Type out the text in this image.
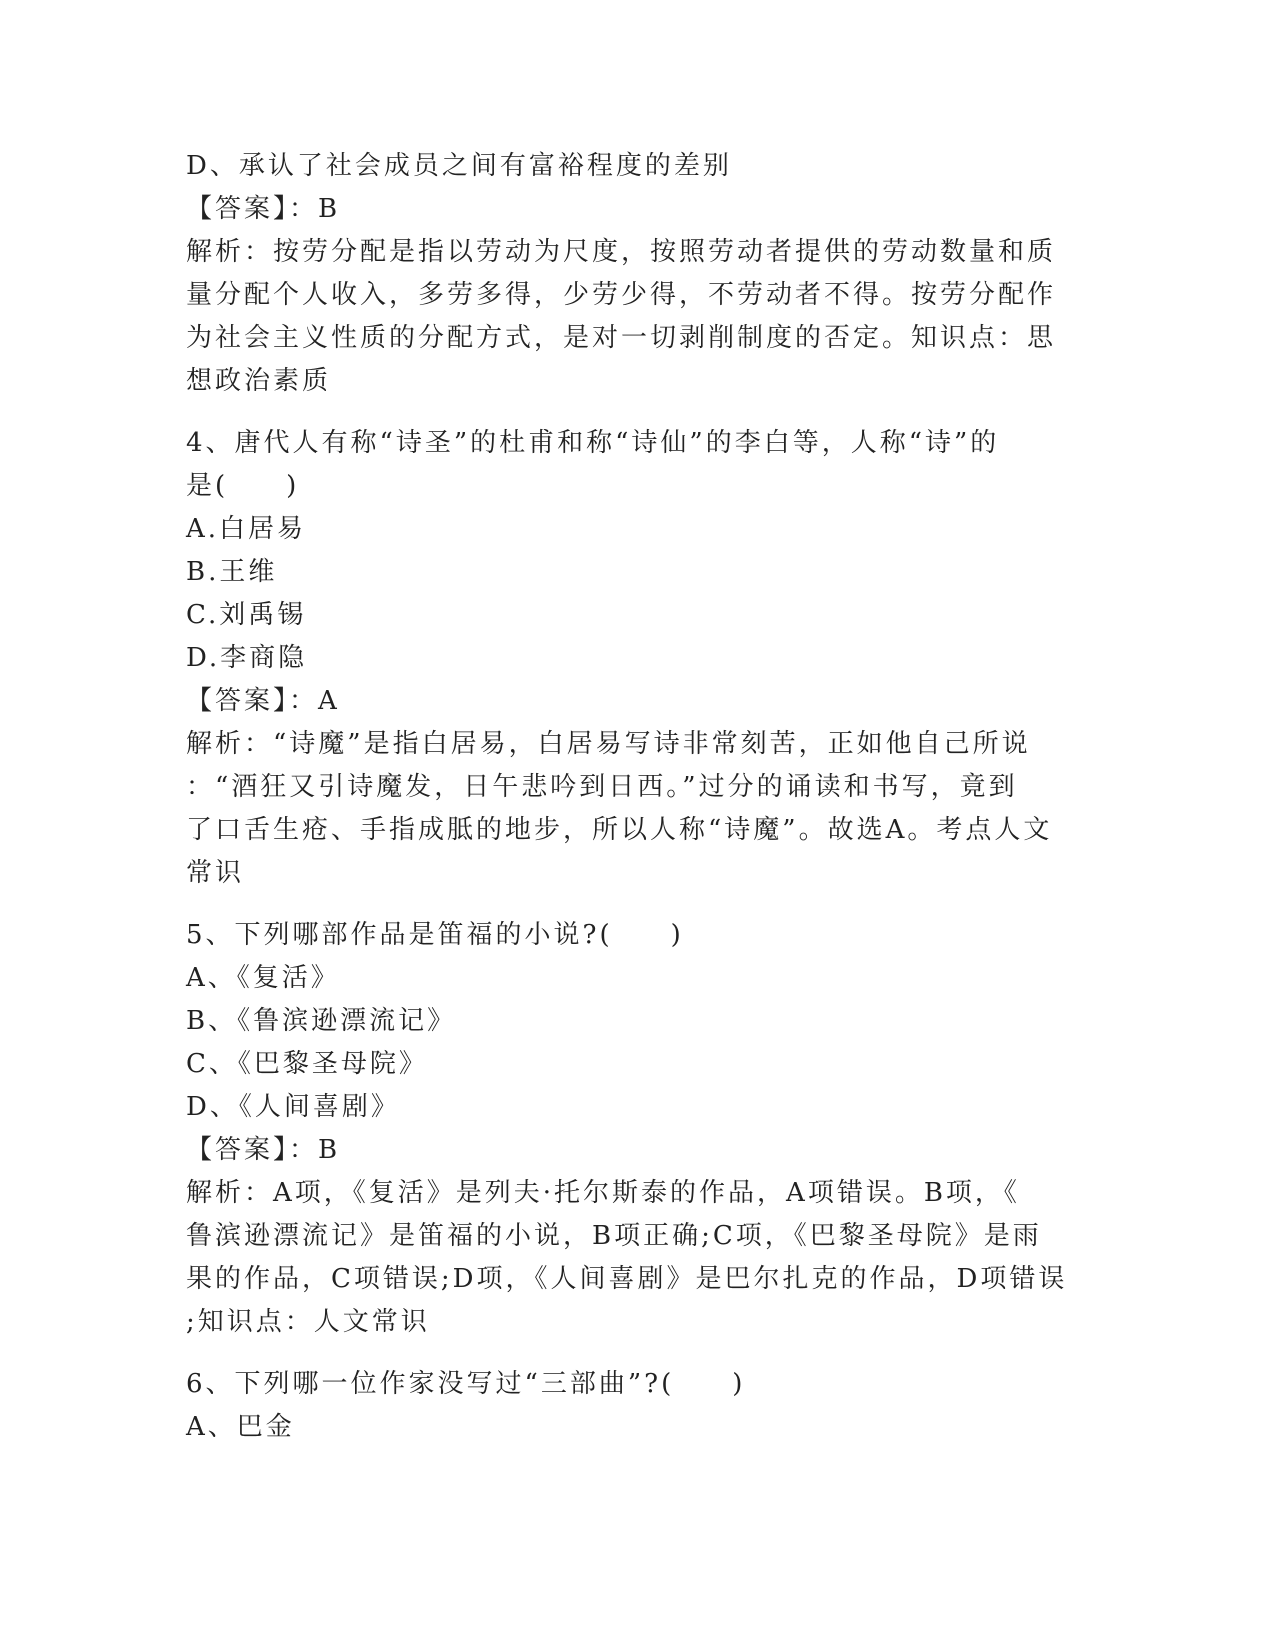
D、承认了社会成员之间有富裕程度的差别
【答案】：B
解析：按劳分配是指以劳动为尺度，按照劳动者提供的劳动数量和质
量分配个人收入，多劳多得，少劳少得，不劳动者不得。按劳分配作
为社会主义性质的分配方式，是对一切剥削制度的否定。知识点：思
想政治素质
4、唐代人有称“诗圣”的杜甫和称“诗仙”的李白等，人称“诗”的
是(　　)
A.白居易
B.王维
C.刘禹锡
D.李商隐
【答案】：A
解析：“诗魔”是指白居易，白居易写诗非常刻苦，正如他自己所说
：“酒狂又引诗魔发，日午悲吟到日西。”过分的诵读和书写，竟到
了口舌生疮、手指成胝的地步，所以人称“诗魔”。故选A。考点人文
常识
5、下列哪部作品是笛福的小说?(　　)
A、《复活》
B、《鲁滨逊漂流记》
C、《巴黎圣母院》
D、《人间喜剧》
【答案】：B
解析：A项，《复活》是列夫·托尔斯泰的作品，A项错误。B项，《
鲁滨逊漂流记》是笛福的小说，B项正确;C项，《巴黎圣母院》是雨
果的作品，C项错误;D项，《人间喜剧》是巴尔扎克的作品，D项错误
;知识点：人文常识
6、下列哪一位作家没写过“三部曲”?(　　)
A、巴金
